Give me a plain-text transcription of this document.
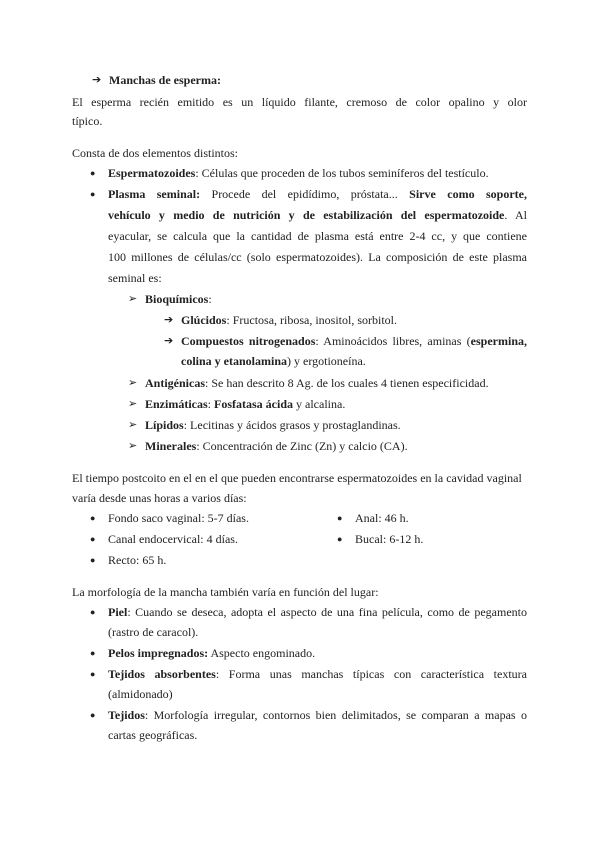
➔ Manchas de esperma:
El esperma recién emitido es un líquido filante, cremoso de color opalino y olor
típico.
Consta de dos elementos distintos:
● Espermatozoides: Células que proceden de los tubos seminíferos del testículo.
● Plasma seminal: Procede del epidídimo, próstata... Sirve como soporte,
vehículo y medio de nutrición y de estabilización del espermatozoide. Al
eyacular, se calcula que la cantidad de plasma está entre 2-4 cc, y que contiene
100 millones de células/cc (solo espermatozoides). La composición de este plasma
seminal es:
➢ Bioquímicos:
➔ Glúcidos: Fructosa, ribosa, inositol, sorbitol.
➔ Compuestos nitrogenados: Aminoácidos libres, aminas (espermina,
colina y etanolamina) y ergotioneína.
➢ Antigénicas: Se han descrito 8 Ag. de los cuales 4 tienen especificidad.
➢ Enzimáticas: Fosfatasa ácida y alcalina.
➢ Lípidos: Lecitinas y ácidos grasos y prostaglandinas.
➢ Minerales: Concentración de Zinc (Zn) y calcio (CA).
El tiempo postcoito en el en el que pueden encontrarse espermatozoides en la cavidad vaginal
varía desde unas horas a varios días:
● Fondo saco vaginal: 5-7 días.	● Anal: 46 h.
● Canal endocervical: 4 días.	● Bucal: 6-12 h.
● Recto: 65 h.
La morfología de la mancha también varía en función del lugar:
● Piel: Cuando se deseca, adopta el aspecto de una fina película, como de pegamento
(rastro de caracol).
● Pelos impregnados: Aspecto engominado.
● Tejidos absorbentes: Forma unas manchas típicas con característica textura
(almidonado)
● Tejidos: Morfología irregular, contornos bien delimitados, se comparan a mapas o
cartas geográficas.
